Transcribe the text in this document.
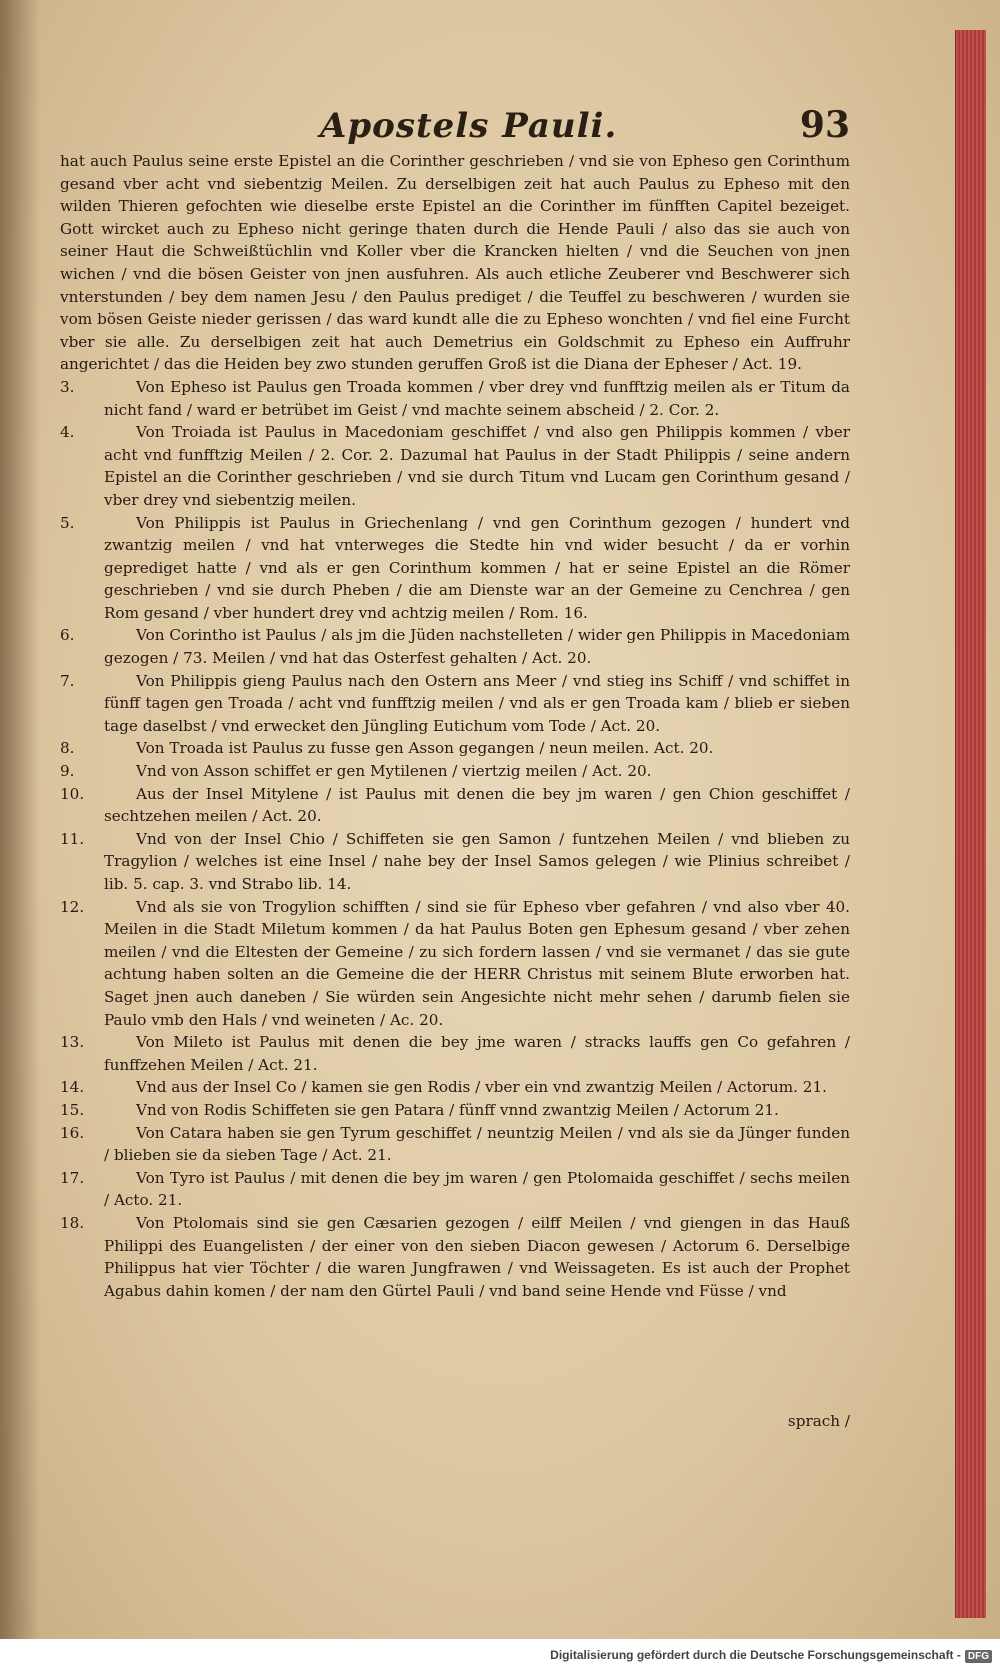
Apostels Pauli.	93

hat auch Paulus seine erste Epistel an die Corinther geschrieben / vnd sie von Epheso gen Corinthum gesand vber acht vnd siebentzig Meilen. Zu derselbigen zeit hat auch Paulus zu Epheso mit den wilden Thieren gefochten wie dieselbe erste Epistel an die Corinther im fünfften Capitel bezeiget. Gott wircket auch zu Epheso nicht geringe thaten durch die Hende Pauli / also das sie auch von seiner Haut die Schweißtüchlin vnd Koller vber die Krancken hielten / vnd die Seuchen von jnen wichen / vnd die bösen Geister von jnen ausfuhren. Als auch etliche Zeuberer vnd Beschwerer sich vnterstunden / bey dem namen Jesu / den Paulus prediget / die Teuffel zu beschweren / wurden sie vom bösen Geiste nieder gerissen / das ward kundt alle die zu Epheso wonchten / vnd fiel eine Furcht vber sie alle. Zu derselbigen zeit hat auch Demetrius ein Goldschmit zu Epheso ein Auffruhr angerichtet / das die Heiden bey zwo stunden geruffen Groß ist die Diana der Epheser / Act. 19.

3.	Von Epheso ist Paulus gen Troada kommen / vber drey vnd funfftzig meilen als er Titum da nicht fand / ward er betrübet im Geist / vnd machte seinem abscheid / 2. Cor. 2.
4.	Von Troiada ist Paulus in Macedoniam geschiffet / vnd also gen Philippis kommen / vber acht vnd funfftzig Meilen / 2. Cor. 2. Dazumal hat Paulus in der Stadt Philippis / seine andern Epistel an die Corinther geschrieben / vnd sie durch Titum vnd Lucam gen Corinthum gesand / vber drey vnd siebentzig meilen.
5.	Von Philippis ist Paulus in Griechenlang / vnd gen Corinthum gezogen / hundert vnd zwantzig meilen / vnd hat vnterweges die Stedte hin vnd wider besucht / da er vorhin geprediget hatte / vnd als er gen Corinthum kommen / hat er seine Epistel an die Römer geschrieben / vnd sie durch Pheben / die am Dienste war an der Gemeine zu Cenchrea / gen Rom gesand / vber hundert drey vnd achtzig meilen / Rom. 16.
6.	Von Corintho ist Paulus / als jm die Jüden nachstelleten / wider gen Philippis in Macedoniam gezogen / 73. Meilen / vnd hat das Osterfest gehalten / Act. 20.
7.	Von Philippis gieng Paulus nach den Ostern ans Meer / vnd stieg ins Schiff / vnd schiffet in fünff tagen gen Troada / acht vnd funfftzig meilen / vnd als er gen Troada kam / blieb er sieben tage daselbst / vnd erwecket den Jüngling Eutichum vom Tode / Act. 20.
8.	Von Troada ist Paulus zu fusse gen Asson gegangen / neun meilen. Act. 20.
9.	Vnd von Asson schiffet er gen Mytilenen / viertzig meilen / Act. 20.
10.	Aus der Insel Mitylene / ist Paulus mit denen die bey jm waren / gen Chion geschiffet / sechtzehen meilen / Act. 20.
11.	Vnd von der Insel Chio / Schiffeten sie gen Samon / funtzehen Meilen / vnd blieben zu Tragylion / welches ist eine Insel / nahe bey der Insel Samos gelegen / wie Plinius schreibet / lib. 5. cap. 3. vnd Strabo lib. 14.
12.	Vnd als sie von Trogylion schifften / sind sie für Epheso vber gefahren / vnd also vber 40. Meilen in die Stadt Miletum kommen / da hat Paulus Boten gen Ephesum gesand / vber zehen meilen / vnd die Eltesten der Gemeine / zu sich fordern lassen / vnd sie vermanet / das sie gute achtung haben solten an die Gemeine die der HERR Christus mit seinem Blute erworben hat. Saget jnen auch daneben / Sie würden sein Angesichte nicht mehr sehen / darumb fielen sie Paulo vmb den Hals / vnd weineten / Ac. 20.
13.	Von Mileto ist Paulus mit denen die bey jme waren / stracks lauffs gen Co gefahren / funffzehen Meilen / Act. 21.
14.	Vnd aus der Insel Co / kamen sie gen Rodis / vber ein vnd zwantzig Meilen / Actorum. 21.
15.	Vnd von Rodis Schiffeten sie gen Patara / fünff vnnd zwantzig Meilen / Actorum 21.
16.	Von Catara haben sie gen Tyrum geschiffet / neuntzig Meilen / vnd als sie da Jünger funden / blieben sie da sieben Tage / Act. 21.
17.	Von Tyro ist Paulus / mit denen die bey jm waren / gen Ptolomaida geschiffet / sechs meilen / Acto. 21.
18.	Von Ptolomais sind sie gen Cæsarien gezogen / eilff Meilen / vnd giengen in das Hauß Philippi des Euangelisten / der einer von den sieben Diacon gewesen / Actorum 6. Derselbige Philippus hat vier Töchter / die waren Jungfrawen / vnd Weissageten. Es ist auch der Prophet Agabus dahin komen / der nam den Gürtel Pauli / vnd band seine Hende vnd Füsse / vnd
sprach /
Digitalisierung gefördert durch die Deutsche Forschungsgemeinschaft - DFG
